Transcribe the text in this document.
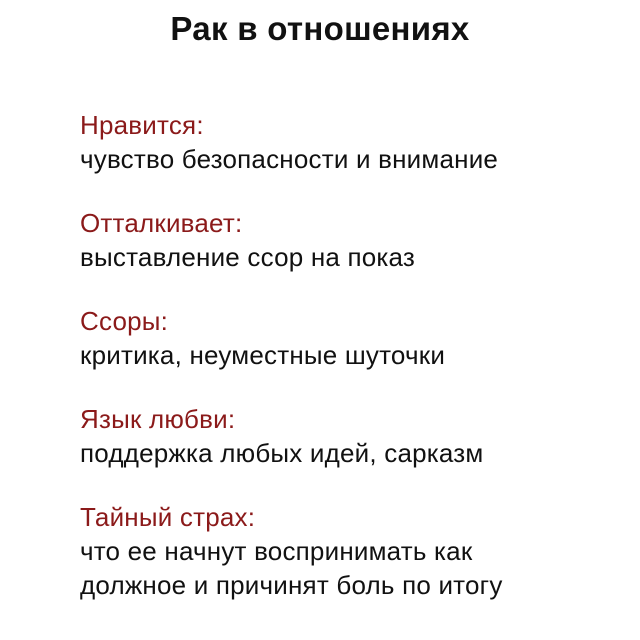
Рак в отношениях
Нравится:
чувство безопасности и внимание
Отталкивает:
выставление ссор на показ
Ссоры:
критика, неуместные шуточки
Язык любви:
поддержка любых идей, сарказм
Тайный страх:
что ее начнут воспринимать как
должное и причинят боль по итогу
